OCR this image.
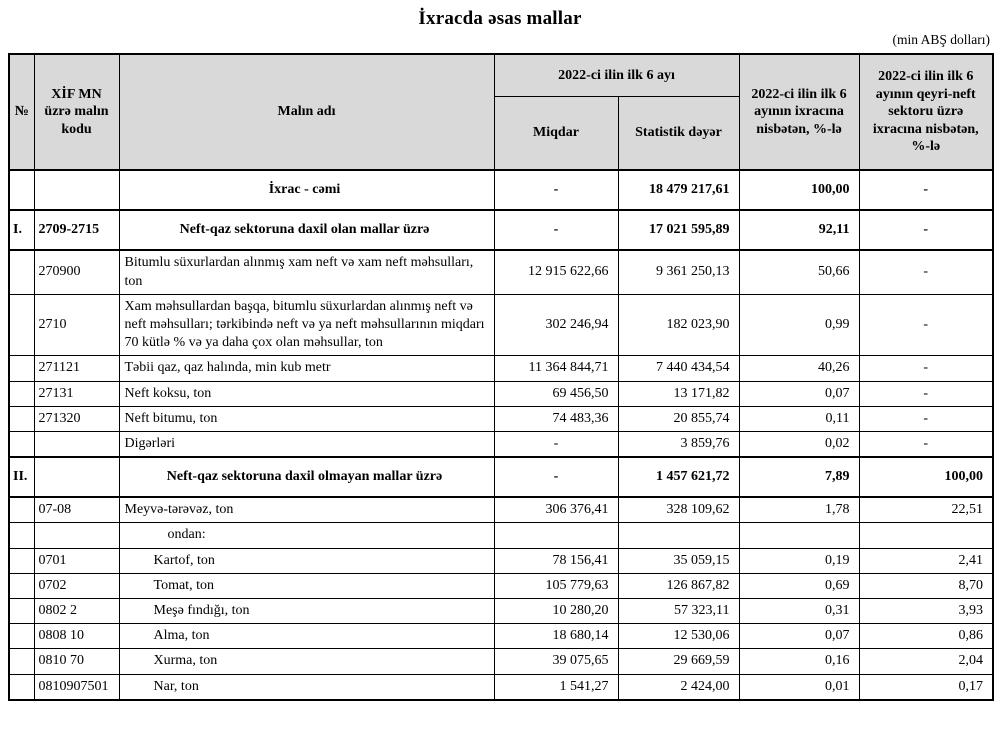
İxracda əsas mallar
(min ABŞ dolları)
№	XİF MN üzrə malın kodu	Malın adı	2022-ci ilin ilk 6 ayı		2022-ci ilin ilk 6 ayının ixracına nisbətən, %-lə	2022-ci ilin ilk 6 ayının qeyri-neft sektoru üzrə ixracına nisbətən, %-lə
			Miqdar	Statistik dəyər		
		İxrac - cəmi	-	18 479 217,61	100,00	-
I.	2709-2715	Neft-qaz sektoruna daxil olan mallar üzrə	-	17 021 595,89	92,11	-
	270900	Bitumlu süxurlardan alınmış xam neft və xam neft məhsulları, ton	12 915 622,66	9 361 250,13	50,66	-
	2710	Xam məhsullardan başqa, bitumlu süxurlardan alınmış neft və neft məhsulları; tərkibində neft və ya neft məhsullarının miqdarı 70 kütlə % və ya daha çox olan məhsullar, ton	302 246,94	182 023,90	0,99	-
	271121	Təbii qaz, qaz halında, min kub metr	11 364 844,71	7 440 434,54	40,26	-
	27131	Neft koksu, ton	69 456,50	13 171,82	0,07	-
	271320	Neft bitumu, ton	74 483,36	20 855,74	0,11	-
		Digərləri	-	3 859,76	0,02	-
II.		Neft-qaz sektoruna daxil olmayan mallar üzrə	-	1 457 621,72	7,89	100,00
	07-08	Meyvə-tərəvəz, ton	306 376,41	328 109,62	1,78	22,51
		ondan:				
	0701	Kartof, ton	78 156,41	35 059,15	0,19	2,41
	0702	Tomat, ton	105 779,63	126 867,82	0,69	8,70
	0802 2	Meşə fındığı, ton	10 280,20	57 323,11	0,31	3,93
	0808 10	Alma, ton	18 680,14	12 530,06	0,07	0,86
	0810 70	Xurma, ton	39 075,65	29 669,59	0,16	2,04
	0810907501	Nar, ton	1 541,27	2 424,00	0,01	0,17
